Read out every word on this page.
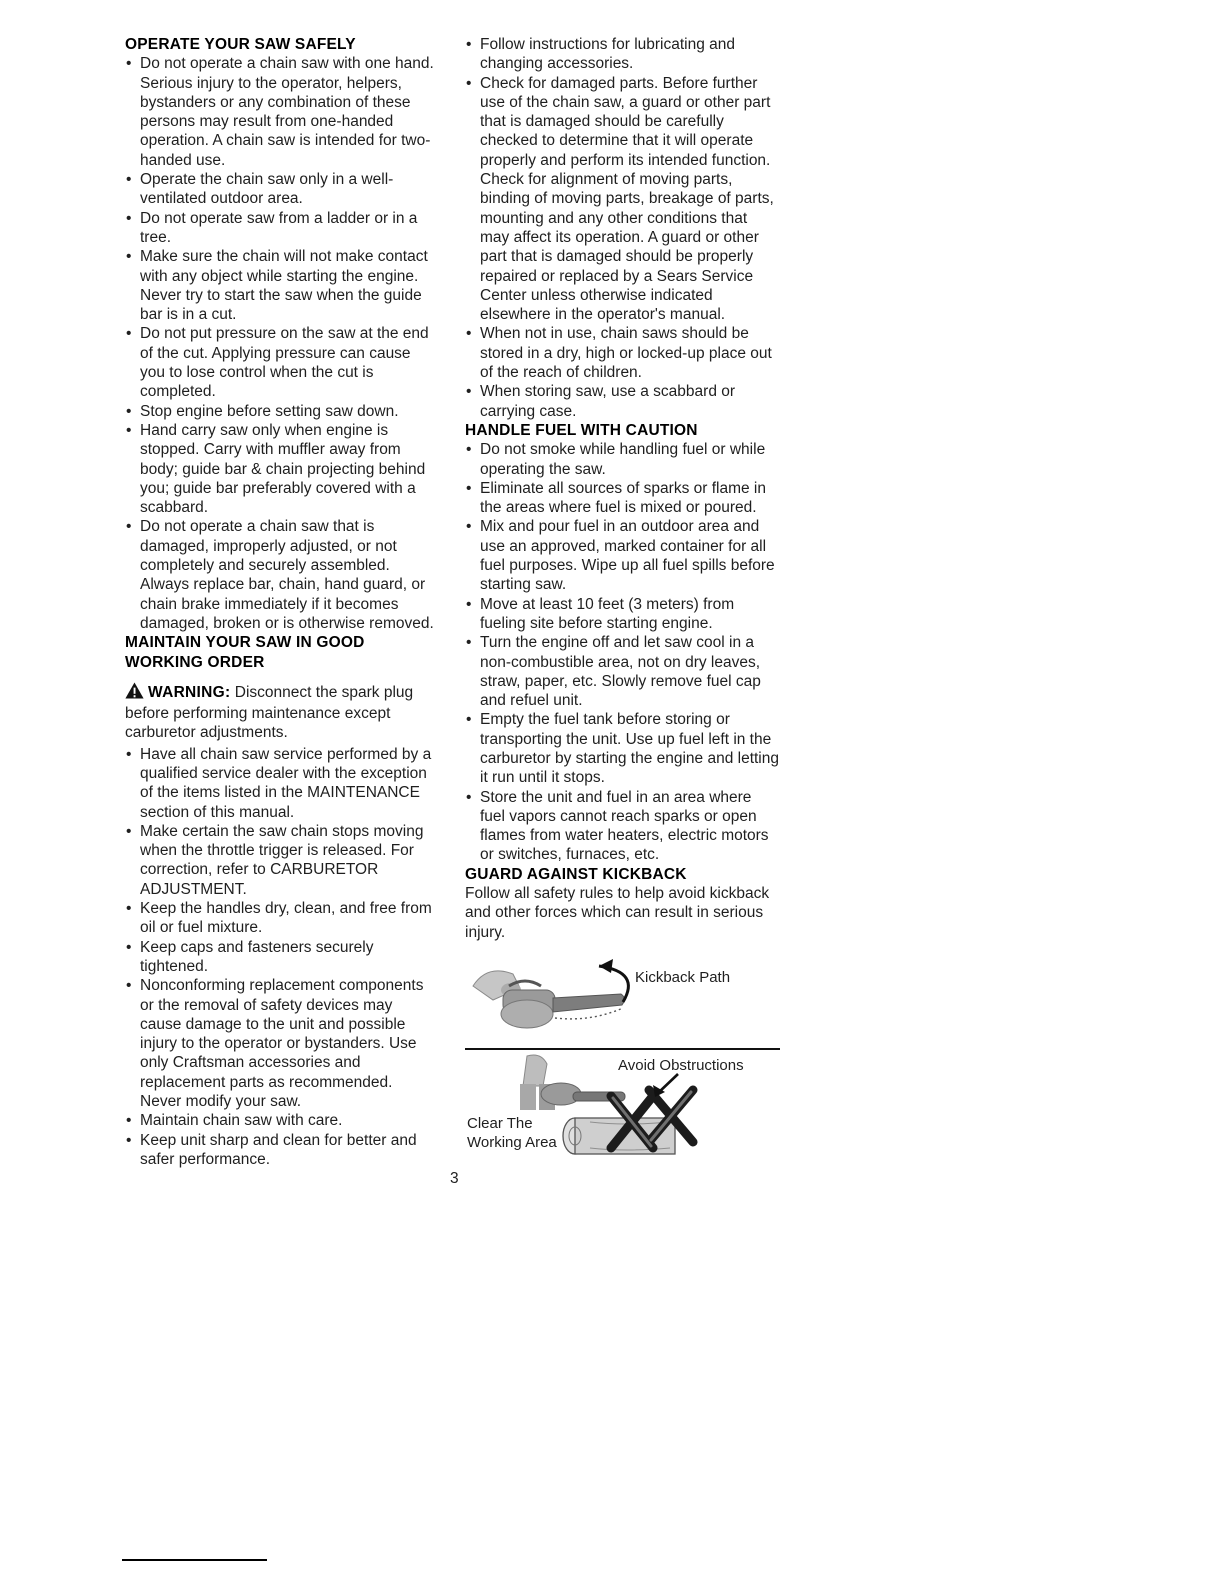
OPERATE YOUR SAW SAFELY
• Do not operate a chain saw with one hand. Serious injury to the operator, helpers, bystanders or any combination of these persons may result from one-handed operation. A chain saw is intended for two-handed use.
• Operate the chain saw only in a well-ventilated outdoor area.
• Do not operate saw from a ladder or in a tree.
• Make sure the chain will not make contact with any object while starting the engine. Never try to start the saw when the guide bar is in a cut.
• Do not put pressure on the saw at the end of the cut. Applying pressure can cause you to lose control when the cut is completed.
• Stop engine before setting saw down.
• Hand carry saw only when engine is stopped. Carry with muffler away from body; guide bar & chain projecting behind you; guide bar preferably covered with a scabbard.
• Do not operate a chain saw that is damaged, improperly adjusted, or not completely and securely assembled. Always replace bar, chain, hand guard, or chain brake immediately if it becomes damaged, broken or is otherwise removed.
MAINTAIN YOUR SAW IN GOOD WORKING ORDER

WARNING: Disconnect the spark plug before performing maintenance except carburetor adjustments.

• Have all chain saw service performed by a qualified service dealer with the exception of the items listed in the MAINTENANCE section of this manual.
• Make certain the saw chain stops moving when the throttle trigger is released. For correction, refer to CARBURETOR ADJUSTMENT.
• Keep the handles dry, clean, and free from oil or fuel mixture.
• Keep caps and fasteners securely tightened.
• Nonconforming replacement components or the removal of safety devices may cause damage to the unit and possible injury to the operator or bystanders. Use only Craftsman accessories and replacement parts as recommended. Never modify your saw.
• Maintain chain saw with care.
• Keep unit sharp and clean for better and safer performance.
• Follow instructions for lubricating and changing accessories.
• Check for damaged parts. Before further use of the chain saw, a guard or other part that is damaged should be carefully checked to determine that it will operate properly and perform its intended function. Check for alignment of moving parts, binding of moving parts, breakage of parts, mounting and any other conditions that may affect its operation. A guard or other part that is damaged should be properly repaired or replaced by a Sears Service Center unless otherwise indicated elsewhere in the operator's manual.
• When not in use, chain saws should be stored in a dry, high or locked-up place out of the reach of children.
• When storing saw, use a scabbard or carrying case.
HANDLE FUEL WITH CAUTION
• Do not smoke while handling fuel or while operating the saw.
• Eliminate all sources of sparks or flame in the areas where fuel is mixed or poured.
• Mix and pour fuel in an outdoor area and use an approved, marked container for all fuel purposes. Wipe up all fuel spills before starting saw.
• Move at least 10 feet (3 meters) from fueling site before starting engine.
• Turn the engine off and let saw cool in a non-combustible area, not on dry leaves, straw, paper, etc. Slowly remove fuel cap and refuel unit.
• Empty the fuel tank before storing or transporting the unit. Use up fuel left in the carburetor by starting the engine and letting it run until it stops.
• Store the unit and fuel in an area where fuel vapors cannot reach sparks or open flames from water heaters, electric motors or switches, furnaces, etc.
GUARD AGAINST KICKBACK

Follow all safety rules to help avoid kickback and other forces which can result in serious injury.

Kickback Path
Avoid Obstructions
Clear The Working Area
3
